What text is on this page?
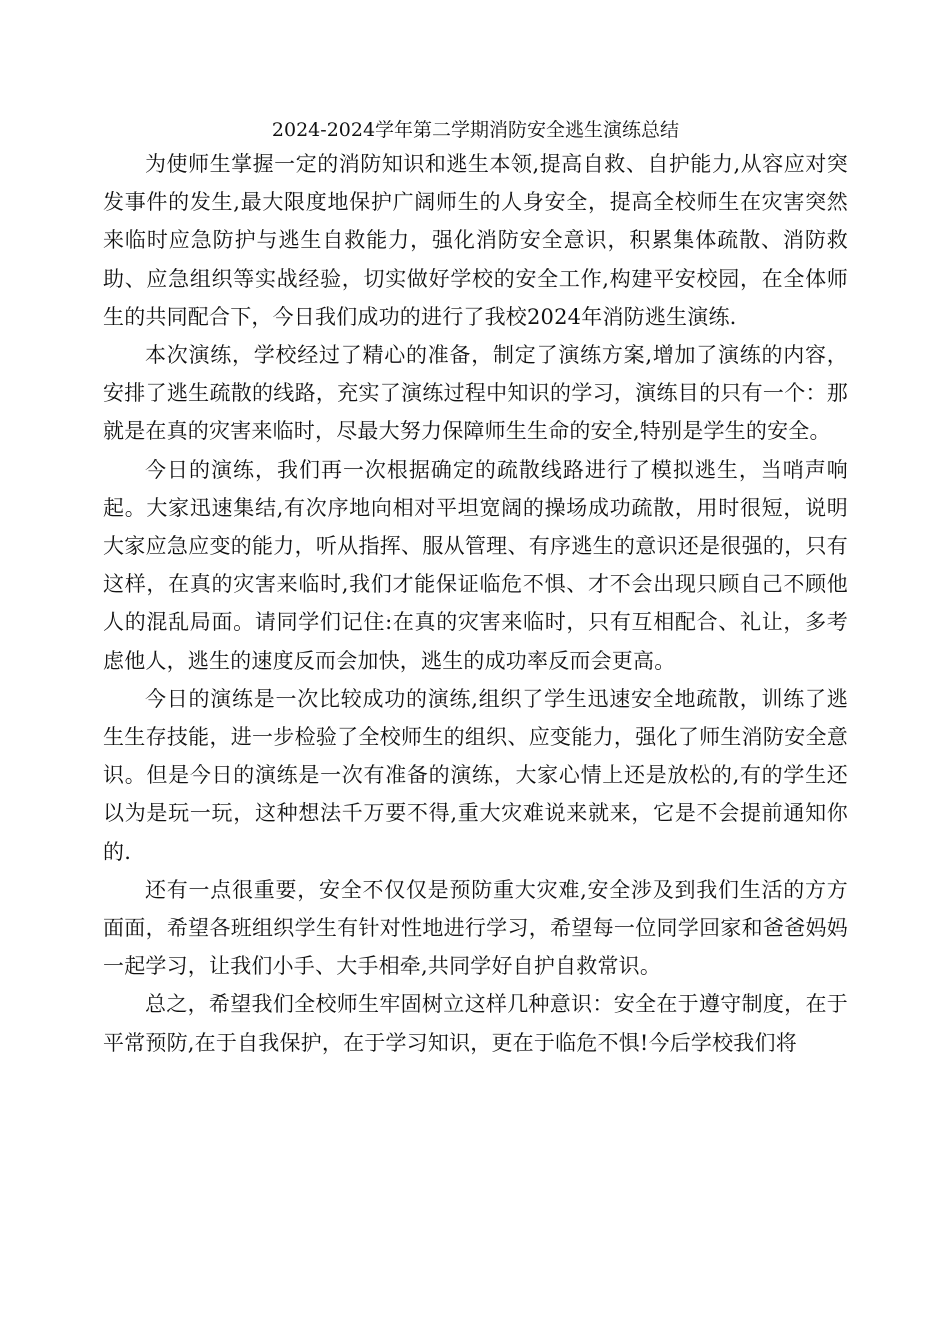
2024-2024学年第二学期消防安全逃生演练总结

为使师生掌握一定的消防知识和逃生本领,提高自救、自护能力,从容应对突发事件的发生,最大限度地保护广阔师生的人身安全，提高全校师生在灾害突然来临时应急防护与逃生自救能力，强化消防安全意识，积累集体疏散、消防救助、应急组织等实战经验，切实做好学校的安全工作,构建平安校园，在全体师生的共同配合下，今日我们成功的进行了我校2024年消防逃生演练.

本次演练，学校经过了精心的准备，制定了演练方案,增加了演练的内容，安排了逃生疏散的线路，充实了演练过程中知识的学习，演练目的只有一个：那就是在真的灾害来临时，尽最大努力保障师生生命的安全,特别是学生的安全。

今日的演练，我们再一次根据确定的疏散线路进行了模拟逃生，当哨声响起。大家迅速集结,有次序地向相对平坦宽阔的操场成功疏散，用时很短，说明大家应急应变的能力，听从指挥、服从管理、有序逃生的意识还是很强的，只有这样，在真的灾害来临时,我们才能保证临危不惧、才不会出现只顾自己不顾他人的混乱局面。请同学们记住:在真的灾害来临时，只有互相配合、礼让，多考虑他人，逃生的速度反而会加快，逃生的成功率反而会更高。

今日的演练是一次比较成功的演练,组织了学生迅速安全地疏散，训练了逃生生存技能，进一步检验了全校师生的组织、应变能力，强化了师生消防安全意识。但是今日的演练是一次有准备的演练，大家心情上还是放松的,有的学生还以为是玩一玩，这种想法千万要不得,重大灾难说来就来，它是不会提前通知你的.

还有一点很重要，安全不仅仅是预防重大灾难,安全涉及到我们生活的方方面面，希望各班组织学生有针对性地进行学习，希望每一位同学回家和爸爸妈妈一起学习，让我们小手、大手相牵,共同学好自护自救常识。

总之，希望我们全校师生牢固树立这样几种意识：安全在于遵守制度，在于平常预防,在于自我保护，在于学习知识，更在于临危不惧!今后学校我们将
